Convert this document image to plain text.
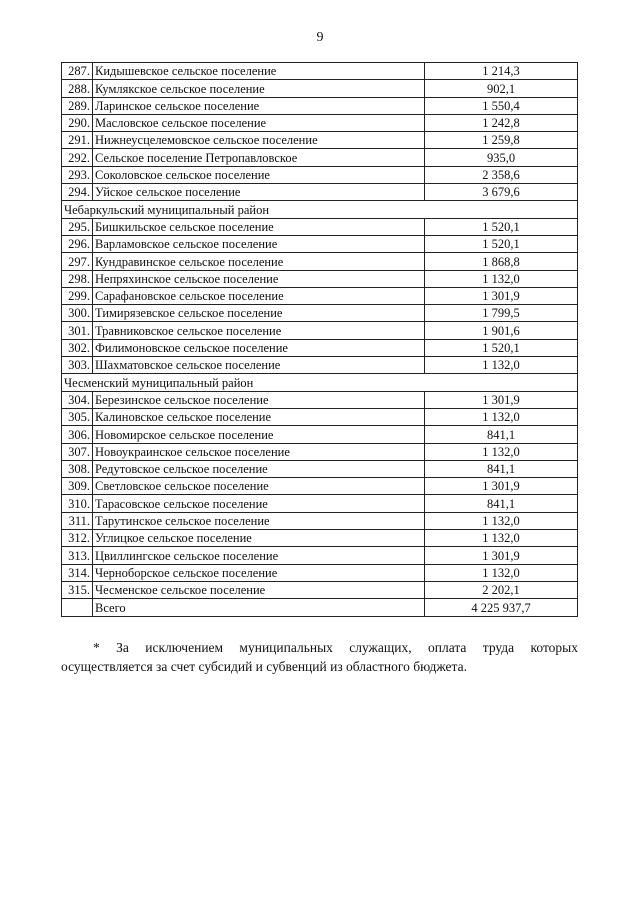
9
287.	Кидышевское сельское поселение	1 214,3
288.	Кумлякское сельское поселение	902,1
289.	Ларинское сельское поселение	1 550,4
290.	Масловское сельское поселение	1 242,8
291.	Нижнеусцелемовское сельское поселение	1 259,8
292.	Сельское поселение Петропавловское	935,0
293.	Соколовское сельское поселение	2 358,6
294.	Уйское сельское поселение	3 679,6
Чебаркульский муниципальный район		
295.	Бишкильское сельское поселение	1 520,1
296.	Варламовское сельское поселение	1 520,1
297.	Кундравинское сельское поселение	1 868,8
298.	Непряхинское сельское поселение	1 132,0
299.	Сарафановское сельское поселение	1 301,9
300.	Тимирязевское сельское поселение	1 799,5
301.	Травниковское сельское поселение	1 901,6
302.	Филимоновское сельское поселение	1 520,1
303.	Шахматовское сельское поселение	1 132,0
Чесменский муниципальный район		
304.	Березинское сельское поселение	1 301,9
305.	Калиновское сельское поселение	1 132,0
306.	Новомирское сельское поселение	841,1
307.	Новоукраинское сельское поселение	1 132,0
308.	Редутовское сельское поселение	841,1
309.	Светловское сельское поселение	1 301,9
310.	Тарасовское сельское поселение	841,1
311.	Тарутинское сельское поселение	1 132,0
312.	Углицкое сельское поселение	1 132,0
313.	Цвиллингское сельское поселение	1 301,9
314.	Черноборское сельское поселение	1 132,0
315.	Чесменское сельское поселение	2 202,1
	Всего	4 225 937,7
* За исключением муниципальных служащих, оплата труда которых
осуществляется за счет субсидий и субвенций из областного бюджета.
